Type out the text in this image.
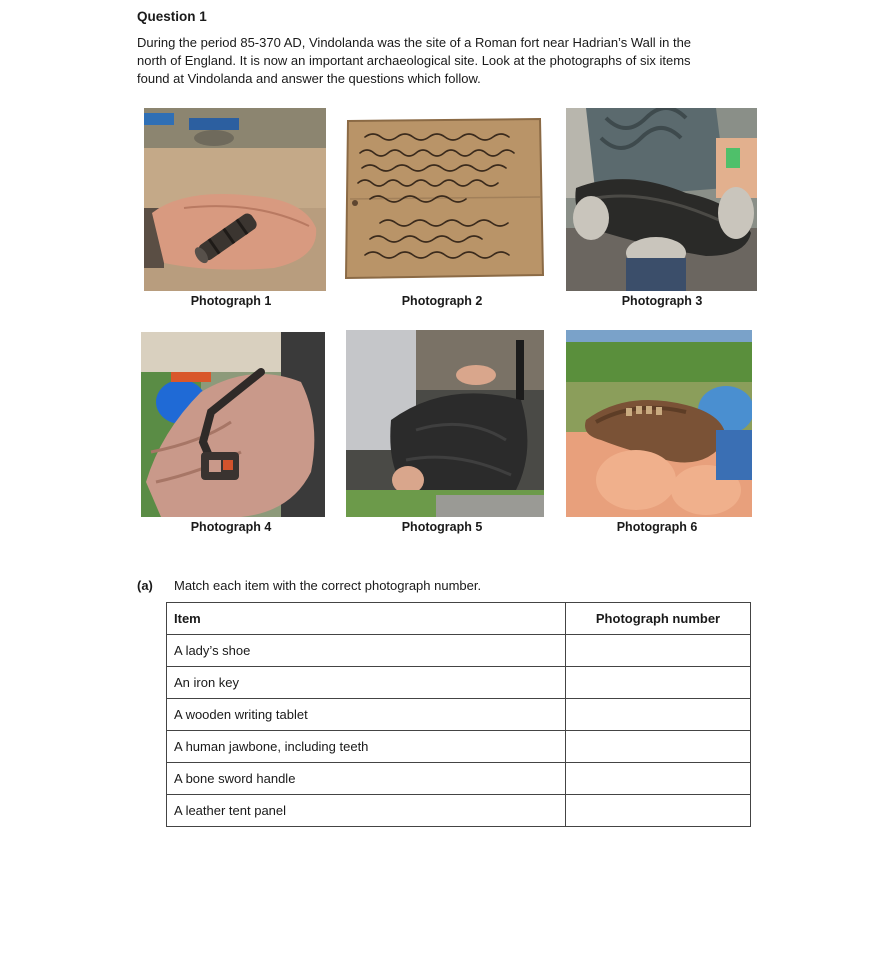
Question 1

During the period 85-370 AD, Vindolanda was the site of a Roman fort near Hadrian’s Wall in the

north of England. It is now an important archaeological site. Look at the photographs of six items

found at Vindolanda and answer the questions which follow.

Photograph 1	Photograph 2	Photograph 3
Photograph 4	Photograph 5	Photograph 6
(a) Match each item with the correct photograph number.
Item	Photograph number
A lady’s shoe	
An iron key	
A wooden writing tablet	
A human jawbone, including teeth	
A bone sword handle	
A leather tent panel	
